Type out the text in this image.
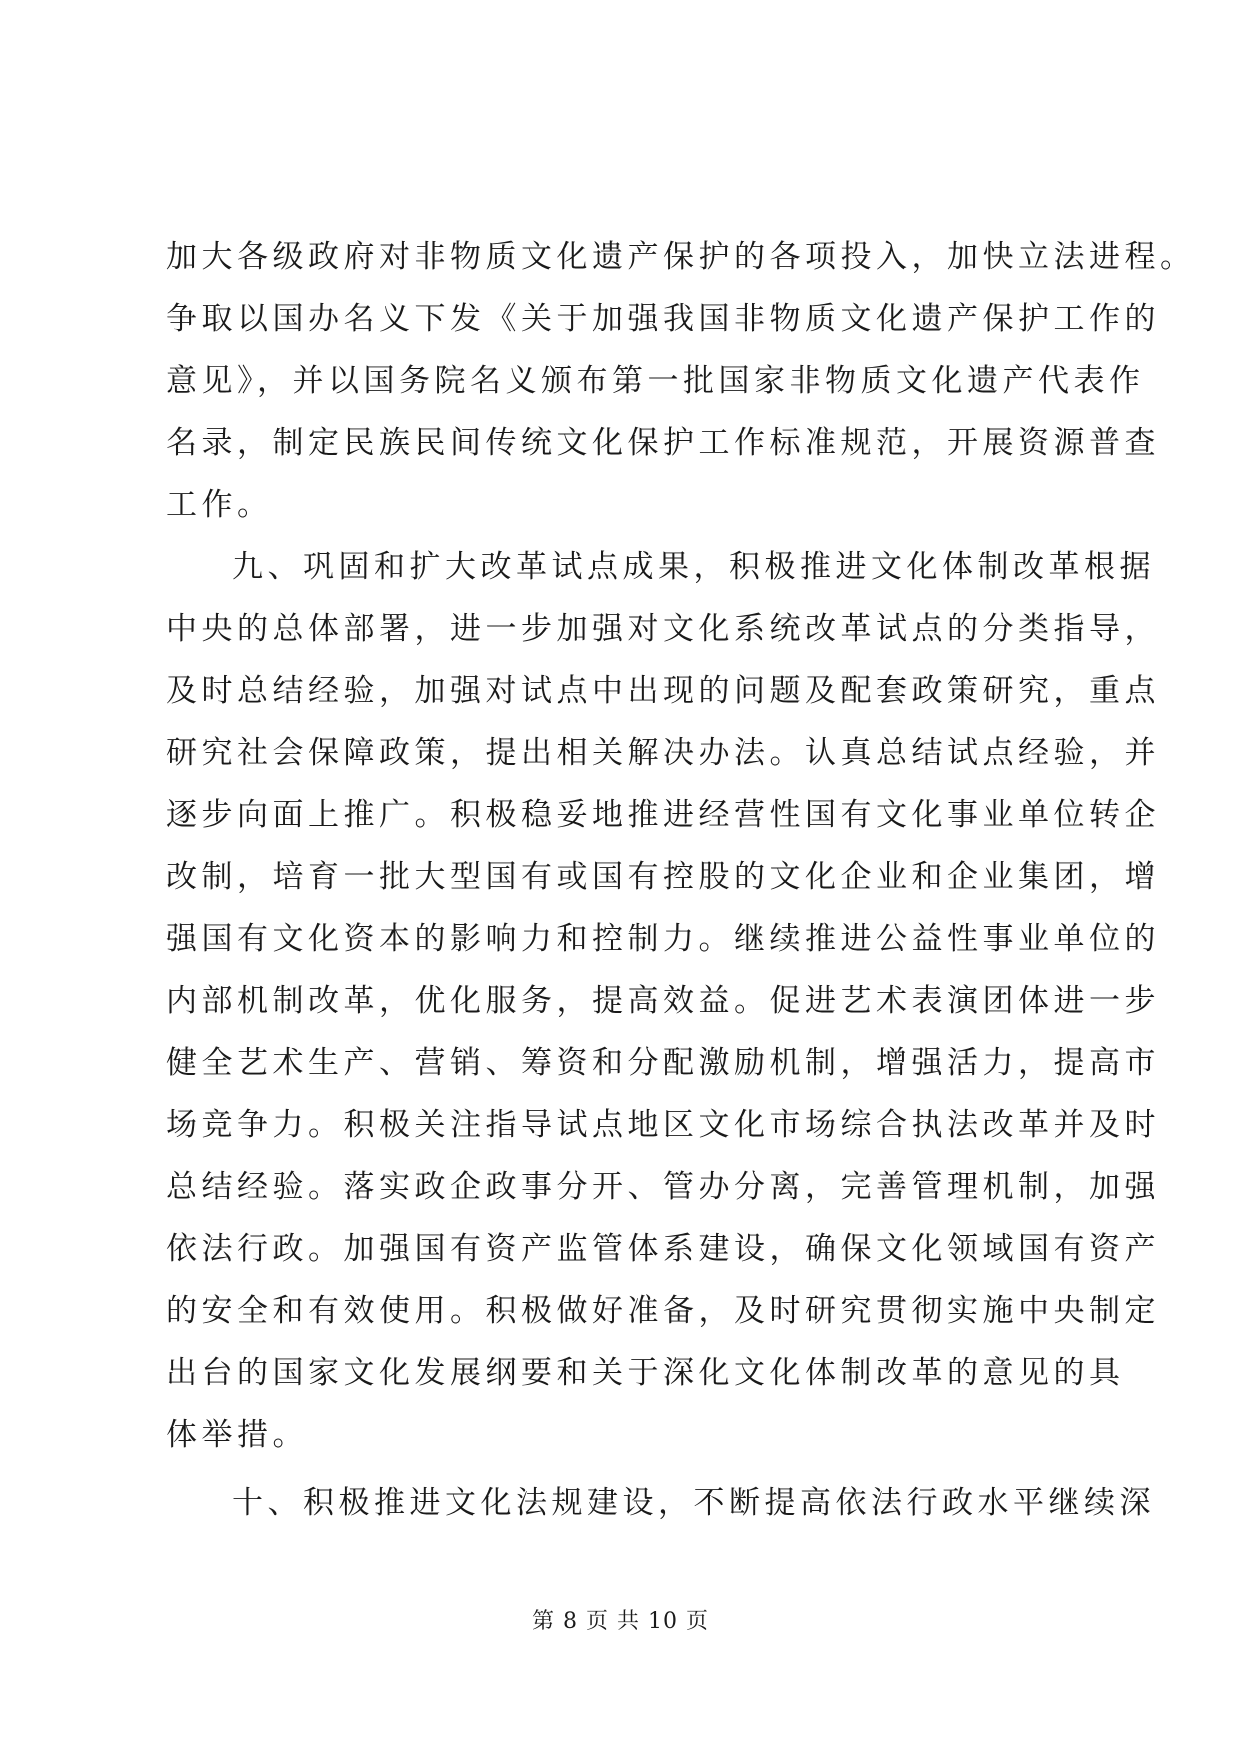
加大各级政府对非物质文化遗产保护的各项投入，加快立法进程。
争取以国办名义下发《关于加强我国非物质文化遗产保护工作的
意见》，并以国务院名义颁布第一批国家非物质文化遗产代表作
名录，制定民族民间传统文化保护工作标准规范，开展资源普查
工作。
九、巩固和扩大改革试点成果，积极推进文化体制改革根据
中央的总体部署，进一步加强对文化系统改革试点的分类指导，
及时总结经验，加强对试点中出现的问题及配套政策研究，重点
研究社会保障政策，提出相关解决办法。认真总结试点经验，并
逐步向面上推广。积极稳妥地推进经营性国有文化事业单位转企
改制，培育一批大型国有或国有控股的文化企业和企业集团，增
强国有文化资本的影响力和控制力。继续推进公益性事业单位的
内部机制改革，优化服务，提高效益。促进艺术表演团体进一步
健全艺术生产、营销、筹资和分配激励机制，增强活力，提高市
场竞争力。积极关注指导试点地区文化市场综合执法改革并及时
总结经验。落实政企政事分开、管办分离，完善管理机制，加强
依法行政。加强国有资产监管体系建设，确保文化领域国有资产
的安全和有效使用。积极做好准备，及时研究贯彻实施中央制定
出台的国家文化发展纲要和关于深化文化体制改革的意见的具
体举措。
十、积极推进文化法规建设，不断提高依法行政水平继续深
第 8 页 共 10 页
